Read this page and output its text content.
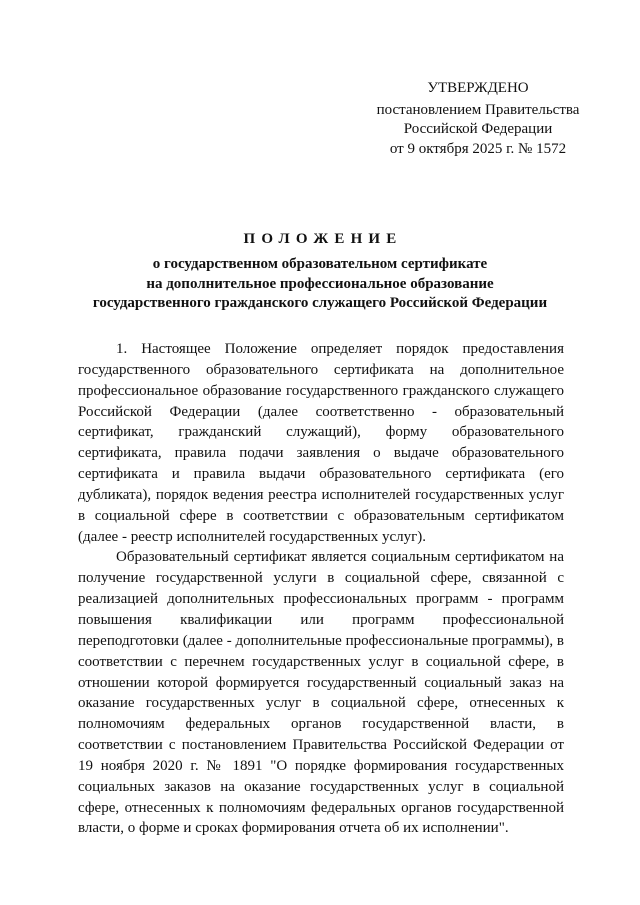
УТВЕРЖДЕНО
постановлением Правительства
Российской Федерации
от 9 октября 2025 г. № 1572
ПОЛОЖЕНИЕ
о государственном образовательном сертификате
на дополнительное профессиональное образование
государственного гражданского служащего Российской Федерации

1. Настоящее Положение определяет порядок предоставления государственного образовательного сертификата на дополнительное профессиональное образование государственного гражданского служащего Российской Федерации (далее соответственно - образовательный сертификат, гражданский служащий), форму образовательного сертификата, правила подачи заявления о выдаче образовательного сертификата и правила выдачи образовательного сертификата (его дубликата), порядок ведения реестра исполнителей государственных услуг в социальной сфере в соответствии с образовательным сертификатом (далее - реестр исполнителей государственных услуг).

Образовательный сертификат является социальным сертификатом на получение государственной услуги в социальной сфере, связанной с реализацией дополнительных профессиональных программ - программ повышения квалификации или программ профессиональной переподготовки (далее - дополнительные профессиональные программы), в соответствии с перечнем государственных услуг в социальной сфере, в отношении которой формируется государственный социальный заказ на оказание государственных услуг в социальной сфере, отнесенных к полномочиям федеральных органов государственной власти, в соответствии с постановлением Правительства Российской Федерации от 19 ноября 2020 г. № 1891 "О порядке формирования государственных социальных заказов на оказание государственных услуг в социальной сфере, отнесенных к полномочиям федеральных органов государственной власти, о форме и сроках формирования отчета об их исполнении".
